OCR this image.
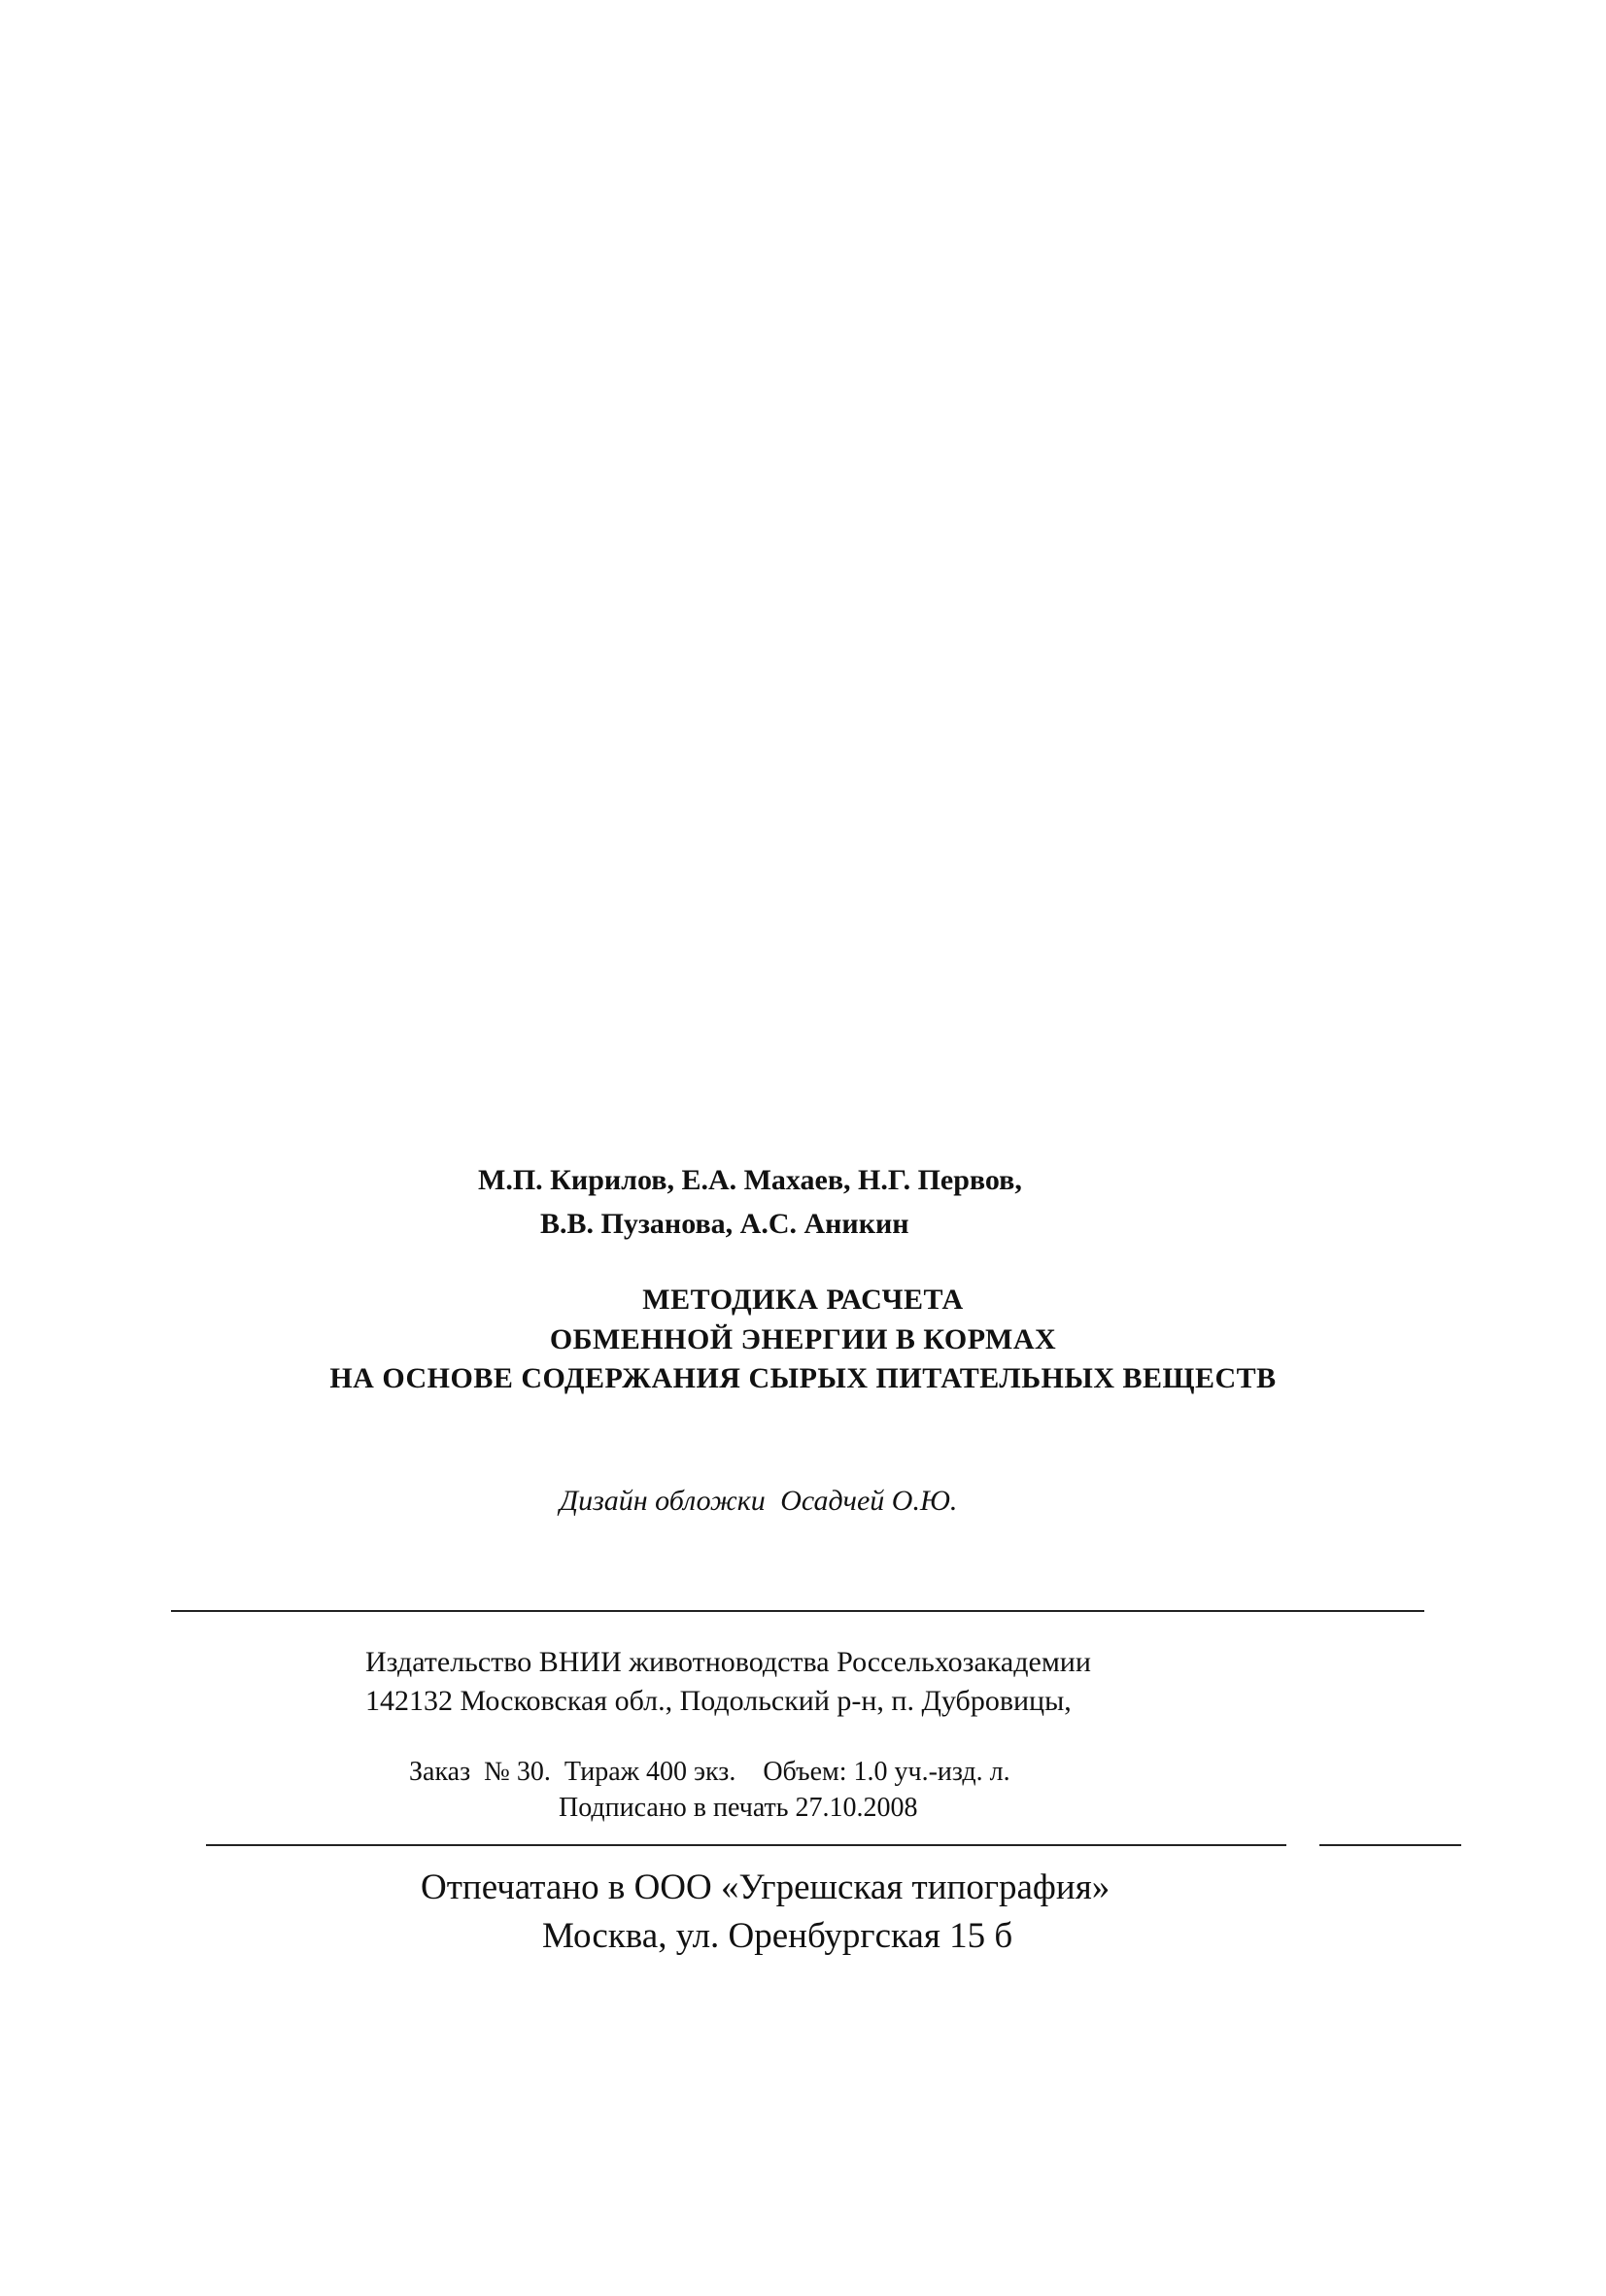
М.П. Кирилов, Е.А. Махаев, Н.Г. Первов,
В.В. Пузанова, А.С. Аникин
МЕТОДИКА РАСЧЕТА
ОБМЕННОЙ ЭНЕРГИИ В КОРМАХ
НА ОСНОВЕ СОДЕРЖАНИЯ СЫРЫХ ПИТАТЕЛЬНЫХ ВЕЩЕСТВ
Дизайн обложки Осадчей О.Ю.
Издательство ВНИИ животноводства Россельхозакадемии
142132 Московская обл., Подольский р-н, п. Дубровицы,
Заказ  № 30.  Тираж 400 экз.    Объем: 1.0 уч.-изд. л.
Подписано в печать 27.10.2008
Отпечатано в ООО «Угрешская типография»
Москва, ул. Оренбургская 15 б
